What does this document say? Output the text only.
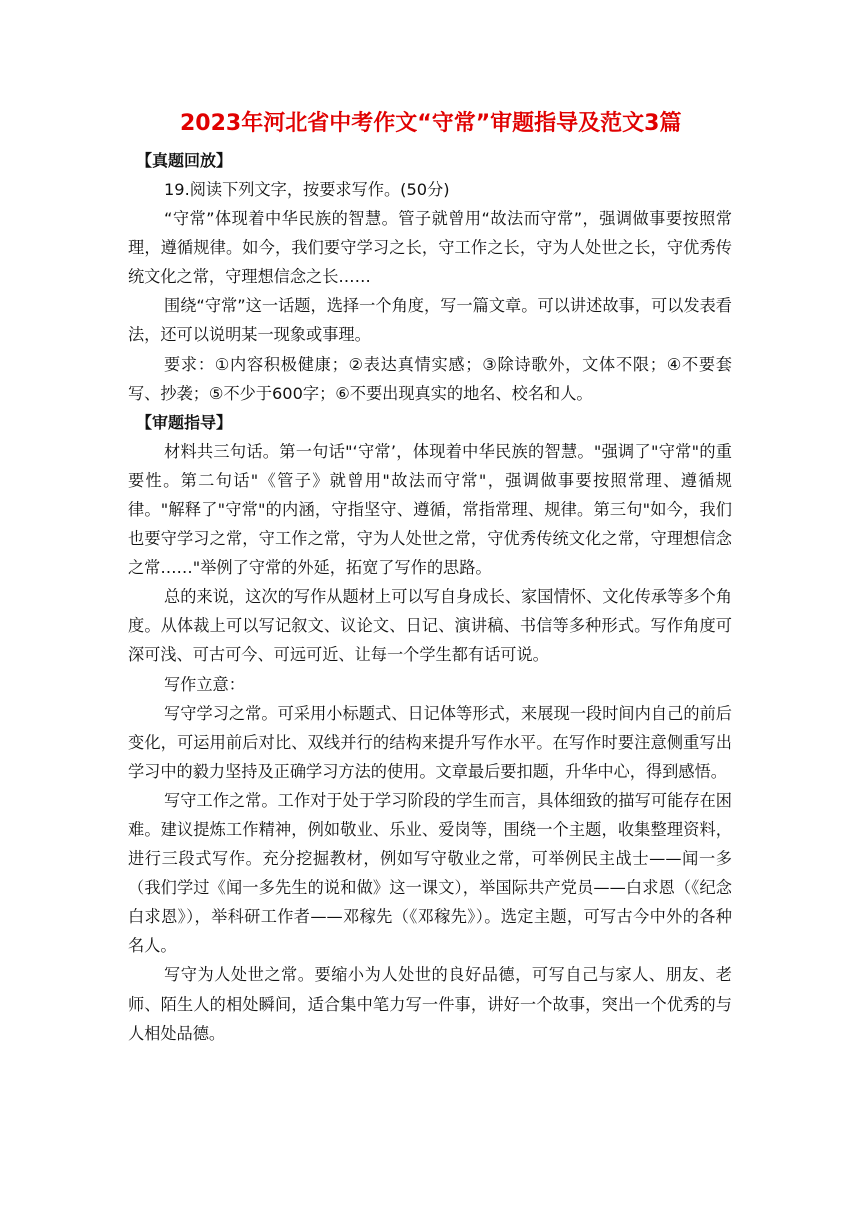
2023年河北省中考作文“守常”审题指导及范文3篇

【真题回放】

19.阅读下列文字，按要求写作。(50分)

“守常”体现着中华民族的智慧。管子就曾用“故法而守常”，强调做事要按照常理，遵循规律。如今，我们要守学习之长，守工作之长，守为人处世之长，守优秀传统文化之常，守理想信念之长……

围绕“守常”这一话题，选择一个角度，写一篇文章。可以讲述故事，可以发表看法，还可以说明某一现象或事理。

要求：①内容积极健康；②表达真情实感；③除诗歌外，文体不限；④不要套写、抄袭；⑤不少于600字；⑥不要出现真实的地名、校名和人。

【审题指导】

材料共三句话。第一句话"‘守常’，体现着中华民族的智慧。"强调了"守常"的重要性。第二句话"《管子》就曾用"故法而守常"，强调做事要按照常理、遵循规律。"解释了"守常"的内涵，守指坚守、遵循，常指常理、规律。第三句"如今，我们也要守学习之常，守工作之常，守为人处世之常，守优秀传统文化之常，守理想信念之常……"举例了守常的外延，拓宽了写作的思路。

总的来说，这次的写作从题材上可以写自身成长、家国情怀、文化传承等多个角度。从体裁上可以写记叙文、议论文、日记、演讲稿、书信等多种形式。写作角度可深可浅、可古可今、可远可近、让每一个学生都有话可说。

写作立意：

写守学习之常。可采用小标题式、日记体等形式，来展现一段时间内自己的前后变化，可运用前后对比、双线并行的结构来提升写作水平。在写作时要注意侧重写出学习中的毅力坚持及正确学习方法的使用。文章最后要扣题，升华中心，得到感悟。

写守工作之常。工作对于处于学习阶段的学生而言，具体细致的描写可能存在困难。建议提炼工作精神，例如敬业、乐业、爱岗等，围绕一个主题，收集整理资料，进行三段式写作。充分挖掘教材，例如写守敬业之常，可举例民主战士——闻一多（我们学过《闻一多先生的说和做》这一课文），举国际共产党员——白求恩（《纪念白求恩》），举科研工作者——邓稼先（《邓稼先》）。选定主题，可写古今中外的各种名人。

写守为人处世之常。要缩小为人处世的良好品德，可写自己与家人、朋友、老师、陌生人的相处瞬间，适合集中笔力写一件事，讲好一个故事，突出一个优秀的与人相处品德。
